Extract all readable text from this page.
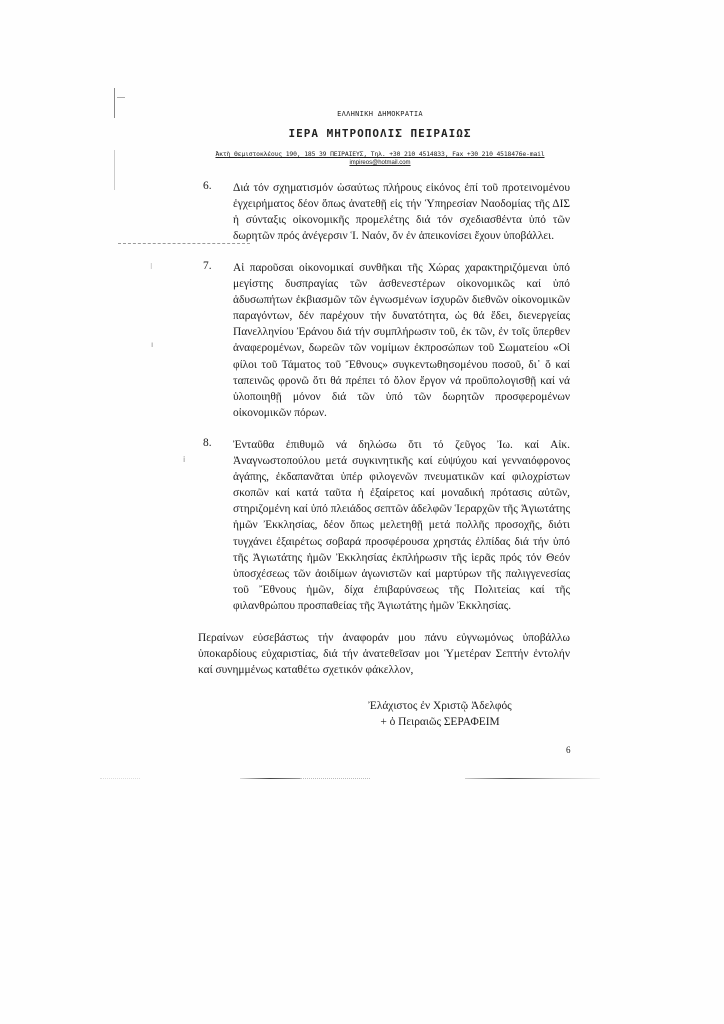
ΕΛΛΗΝΙΚΗ ΔΗΜΟΚΡΑΤΙΑ
ΙΕΡΑ ΜΗΤΡΟΠΟΛΙΣ ΠΕΙΡΑΙΩΣ
Ἀκτὴ Θεμιστοκλέους 190, 185 39 ΠΕΙΡΑΙΕΥΣ, Τηλ. +30 210 4514833, Fax +30 210 4518476e-mail
impireos@hotmail.com
⁝
ı
ⅰ
6. Διά τόν σχηματισμόν ὡσαύτως πλήρους εἰκόνος ἐπί τοῦ προτεινομένου ἐγχειρήματος δέον ὅπως ἀνατεθῇ εἰς τήν Ὑπηρεσίαν Ναοδομίας τῆς ΔΙΣ ἡ σύνταξις οἰκονομικῆς προμελέτης διά τόν σχεδιασθέντα ὑπό τῶν δωρητῶν πρός ἀνέγερσιν Ἱ. Ναόν, ὅν ἐν ἀπεικονίσει ἔχουν ὑποβάλλει.
7. Αἱ παροῦσαι οἰκονομικαί συνθῆκαι τῆς Χώρας χαρακτηριζόμεναι ὑπό μεγίστης δυσπραγίας τῶν ἀσθενεστέρων οἰκονομικῶς καί ὑπό ἀδυσωπήτων ἐκβιασμῶν τῶν ἐγνωσμένων ἰσχυρῶν διεθνῶν οἰκονομικῶν παραγόντων, δέν παρέχουν τήν δυνατότητα, ὡς θά ἔδει, διενεργείας Πανελληνίου Ἐράνου διά τήν συμπλήρωσιν τοῦ, ἐκ τῶν, ἐν τοῖς ὕπερθεν ἀναφερομένων, δωρεῶν τῶν νομίμων ἐκπροσώπων τοῦ Σωματείου «Οἱ φίλοι τοῦ Τάματος τοῦ Ἔθνους» συγκεντωθησομένου ποσοῦ, δι᾽ ὅ καί ταπεινῶς φρονῶ ὅτι θά πρέπει τό ὅλον ἔργον νά προϋπολογισθῇ καί νά ὑλοποιηθῇ μόνον διά τῶν ὑπό τῶν δωρητῶν προσφερομένων οἰκονομικῶν πόρων.
8. Ἐνταῦθα ἐπιθυμῶ νά δηλώσω ὅτι τό ζεῦγος Ἰω. καί Αἰκ. Ἀναγνωστοπούλου μετά συγκινητικῆς καί εὐψύχου καί γενναιόφρονος ἀγάπης, ἐκδαπανᾶται ὑπέρ φιλογενῶν πνευματικῶν καί φιλοχρίστων σκοπῶν καί κατά ταῦτα ἡ ἐξαίρετος καί μοναδική πρότασις αὐτῶν, στηριζομένη καί ὑπό πλειάδος σεπτῶν ἀδελφῶν Ἱεραρχῶν τῆς Ἁγιωτάτης ἡμῶν Ἐκκλησίας, δέον ὅπως μελετηθῇ μετά πολλῆς προσοχῆς, διότι τυγχάνει ἐξαιρέτως σοβαρά προσφέρουσα χρηστάς ἐλπίδας διά τήν ὑπό τῆς Ἁγιωτάτης ἡμῶν Ἐκκλησίας ἐκπλήρωσιν τῆς ἱερᾶς πρός τόν Θεόν ὑποσχέσεως τῶν ἀοιδίμων ἀγωνιστῶν καί μαρτύρων τῆς παλιγγενεσίας τοῦ Ἔθνους ἡμῶν, δίχα ἐπιβαρύνσεως τῆς Πολιτείας καί τῆς φιλανθρώπου προσπαθείας τῆς Ἁγιωτάτης ἡμῶν Ἐκκλησίας.
Περαίνων εὐσεβάστως τήν ἀναφοράν μου πάνυ εὐγνωμόνως ὑποβάλλω ὑποκαρδίους εὐχαριστίας, διά τήν ἀνατεθεῖσαν μοι Ὑμετέραν Σεπτήν ἐντολήν καί συνημμένως καταθέτω σχετικόν φάκελλον,
Ἐλάχιστος ἐν Χριστῷ Ἀδελφός
+ ὁ Πειραιῶς ΣΕΡΑΦΕΙΜ
6
